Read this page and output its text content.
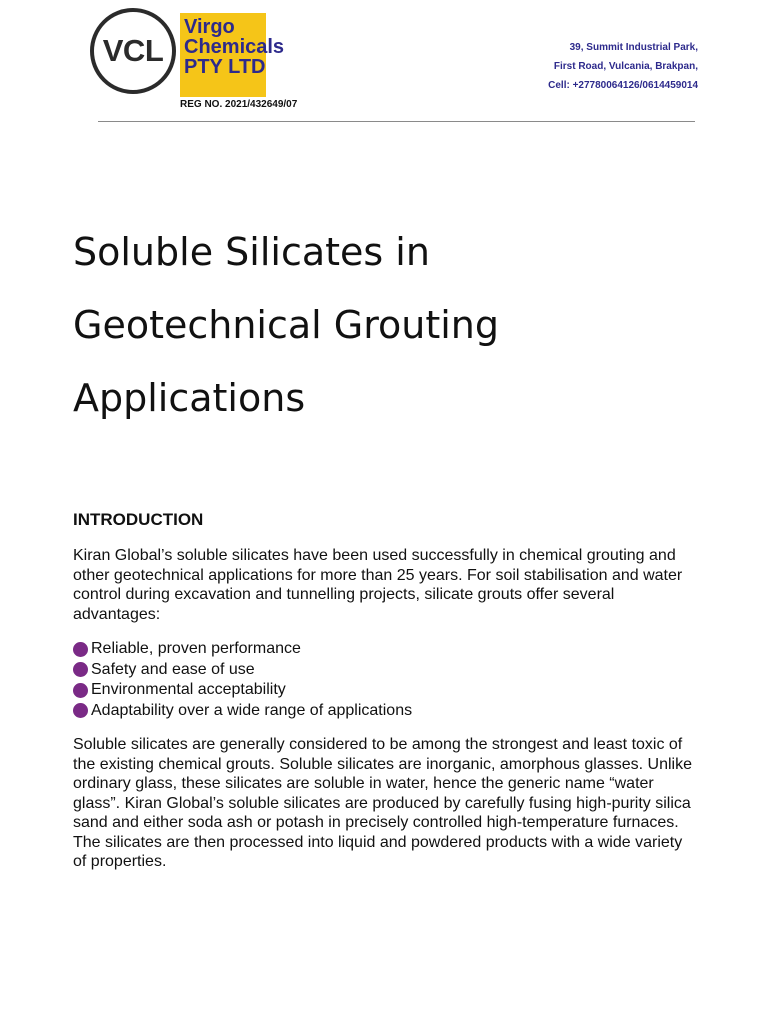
VCL
Virgo
Chemicals
PTY LTD
REG NO. 2021/432649/07
39, Summit Industrial Park,
First Road, Vulcania, Brakpan,
Cell: +27780064126/0614459014
Soluble Silicates in
Geotechnical Grouting
Applications
INTRODUCTION

Kiran Global’s soluble silicates have been used successfully in chemical grouting and other geotechnical applications for more than 25 years. For soil stabilisation and water control during excavation and tunnelling projects, silicate grouts offer several advantages:

Reliable, proven performance
Safety and ease of use
Environmental acceptability
Adaptability over a wide range of applications

Soluble silicates are generally considered to be among the strongest and least toxic of the existing chemical grouts. Soluble silicates are inorganic, amorphous glasses. Unlike ordinary glass, these silicates are soluble in water, hence the generic name “water glass”. Kiran Global’s soluble silicates are produced by carefully fusing high-purity silica sand and either soda ash or potash in precisely controlled high-temperature furnaces. The silicates are then processed into liquid and powdered products with a wide variety of properties.
